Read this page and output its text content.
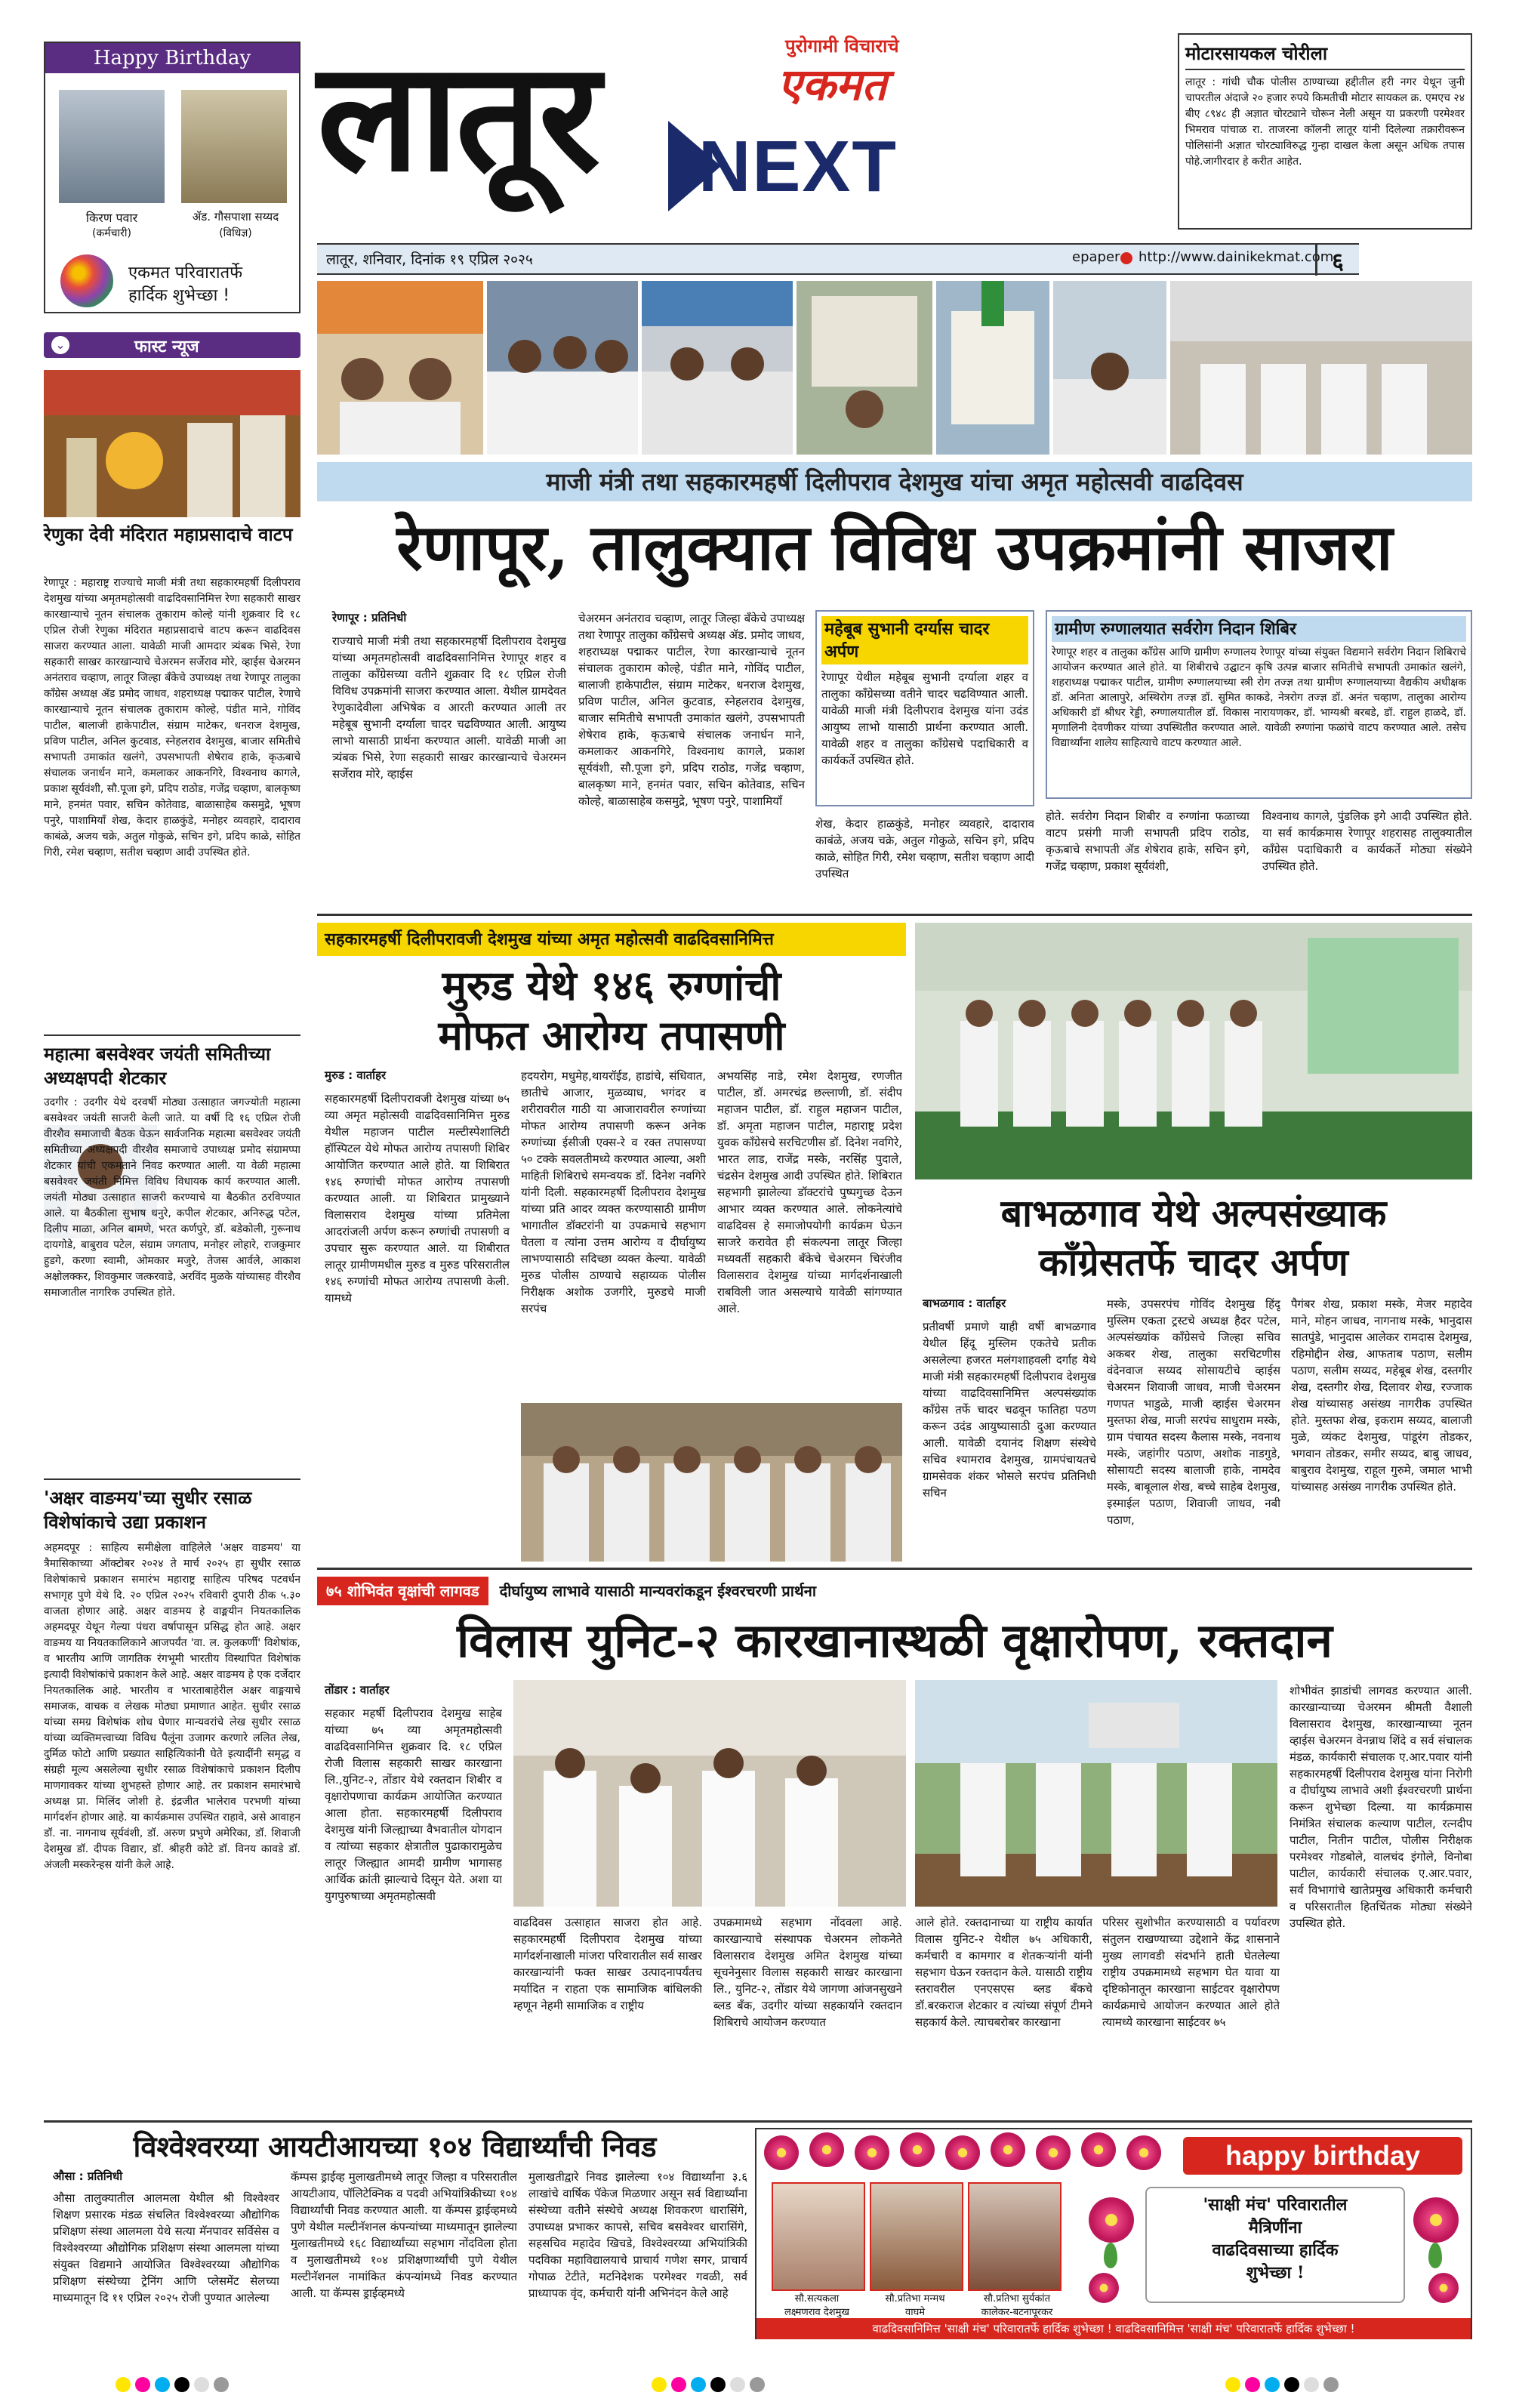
लातूर	पुरोगामी विचाराचे
एकमत
NEXT
लातूर, शनिवार, दिनांक १९ एप्रिल २०२५	epaper http://www.dainikekmat.com
६
Happy Birthday
किरण पवार
(कर्मचारी)
ॲड. गौसपाशा सय्यद
(विधिज्ञ)
एकमत परिवारातर्फे
हार्दिक शुभेच्छा !
⌄	फास्ट न्यूज
रेणुका देवी मंदिरात महाप्रसादाचे वाटप
रेणापूर : महाराष्ट्र राज्याचे माजी मंत्री तथा सहकारमहर्षी दिलीपराव देशमुख यांच्या अमृतमहोत्सवी वाढदिवसानिमित्त रेणा सहकारी साखर कारखान्याचे नूतन संचालक तुकाराम कोल्हे यांनी शुक्रवार दि १८ एप्रिल रोजी रेणुका मंदिरात महाप्रसादाचे वाटप करून वाढदिवस साजरा करण्यात आला. यावेळी माजी आमदार त्र्यंबक भिसे, रेणा सहकारी साखर कारखान्याचे चेअरमन सर्जेराव मोरे, व्हाईस चेअरमन अनंतराव चव्हाण, लातूर जिल्हा बँकेचे उपाध्यक्ष तथा रेणापूर तालुका काँग्रेस अध्यक्ष ॲड प्रमोद जाधव, शहराध्यक्ष पद्माकर पाटील, रेणाचे कारखान्याचे नूतन संचालक तुकाराम कोल्हे, पंडीत माने, गोविंद पाटील, बालाजी हाकेपाटील, संग्राम माटेकर, धनराज देशमुख, प्रविण पाटील, अनिल कुटवाड, स्नेहलराव देशमुख, बाजार समितीचे सभापती उमाकांत खलंगे, उपसभापती शेषेराव हाके, कृऊबाचे संचालक जनार्धन माने, कमलाकर आकनगिरे, विश्वनाथ कागले, प्रकाश सूर्यवंशी, सौ.पूजा इगे, प्रदिप राठोड, गजेंद्र चव्हाण, बालकृष्ण माने, हनमंत पवार, सचिन कोतेवाड, बाळासाहेब कसमुद्रे, भूषण पनुरे, पाशामियाँ शेख, केदार हाळकुंडे, मनोहर व्यवहारे, दादाराव काबंळे, अजय चक्रे, अतुल गोकुळे, सचिन इगे, प्रदिप काळे, सोहित गिरी, रमेश चव्हाण, सतीश चव्हाण आदी उपस्थित होते.
महात्मा बसवेश्वर जयंती समितीच्या अध्यक्षपदी शेटकार
उदगीर : उदगीर येथे दरवर्षी मोठ्या उत्साहात जगज्योती महात्मा बसवेश्वर जयंती साजरी केली जाते. या वर्षी दि १६ एप्रिल रोजी वीरशैव समाजाची बैठक घेऊन सार्वजनिक महात्मा बसवेश्वर जयंती समितीच्या अध्यक्षपदी वीरशैव समाजाचे उपाध्यक्ष प्रमोद संग्रामप्पा शेटकार यांची एकमताने निवड करण्यात आली. या वेळी महात्मा बसवेश्वर जयंती निमित्त विविध विधायक कार्य करण्यात आली. जयंती मोठ्या उत्साहात साजरी करण्याचे या बैठकीत ठरविण्यात आले. या बैठकीला सुभाष धनुरे, कपील शेटकार, अनिरुद्ध पटेल, दिलीप माळा, अनिल बामणे, भरत कर्णपुरे, डॉ. बडेकोली, गुरूनाथ दायगोडे, बाबुराव पटेल, संग्राम जगताप, मनोहर लोहारे, राजकुमार हुडगे, करणा स्वामी, ओमकार मजुरे, तेजस आर्वले, आकाश अक्षोलक्कर, शिवकुमार जत्करवाडे, अरविंद मुळके यांच्यासह वीरशैव समाजातील नागरिक उपस्थित होते.
'अक्षर वाङमय'च्या सुधीर रसाळ विशेषांकाचे उद्या प्रकाशन
अहमदपूर : साहित्य समीक्षेला वाहिलेले 'अक्षर वाङमय' या त्रैमासिकाच्या ऑक्टोबर २०२४ ते मार्च २०२५ हा सुधीर रसाळ विशेषांकाचे प्रकाशन समारंभ महाराष्ट्र साहित्य परिषद पटवर्धन सभागृह पुणे येथे दि. २० एप्रिल २०२५ रविवारी दुपारी ठीक ५.३० वाजता होणार आहे. अक्षर वाङमय हे वाङ्मयीन नियतकालिक अहमदपूर येथून गेल्या पंधरा वर्षापासून प्रसिद्ध होत आहे. अक्षर वाङमय या नियतकालिकाने आजपर्यंत 'वा. ल. कुलकर्णी' विशेषांक, व भारतीय आणि जागतिक रंगभूमी भारतीय विस्थापित विशेषांक इत्यादी विशेषांकांचे प्रकाशन केले आहे. अक्षर वाङमय हे एक दर्जेदार नियतकालिक आहे. भारतीय व भारताबाहेरील अक्षर वाङ्मयाचे समाजक, वाचक व लेखक मोठ्या प्रमाणात आहेत. सुधीर रसाळ यांच्या समग्र विशेषांक शोध घेणार मान्यवरांचे लेख सुधीर रसाळ यांच्या व्यक्तिमत्त्वाच्या विविध पैलूंना उजागर करणारे ललित लेख, दुर्मिळ फोटो आणि प्रख्यात साहित्यिकांनी घेते इत्यादींनी समृद्ध व संग्रही मूल्य असलेल्या सुधीर रसाळ विशेषांकाचे प्रकाशन दिलीप माणगावकर यांच्या शुभहस्ते होणार आहे. तर प्रकाशन समारंभाचे अध्यक्ष प्रा. मिलिंद जोशी हे. इंद्रजीत भालेराव परभणी यांच्या मार्गदर्शन होणार आहे. या कार्यक्रमास उपस्थित राहावे, असे आवाहन डॉ. ना. नागनाथ सूर्यवंशी, डॉ. अरुण प्रभुणे अमेरिका, डॉ. शिवाजी देशमुख डॉ. दीपक विद्यार, डॉ. श्रीहरी कोटे डॉ. विनय कावडे डॉ. अंजली मस्करेन्हस यांनी केले आहे.
मोटारसायकल चोरीला
लातूर : गांधी चौक पोलीस ठाण्याच्या हद्दीतील हरी नगर येथून जुनी चापरतील अंदाजे २० हजार रुपये किमतीची मोटार सायकल क्र. एमएच २४ बीए ८९४८ ही अज्ञात चोरट्याने चोरून नेली असून या प्रकरणी परमेश्वर भिमराव पांचाळ रा. ताजरना कॉलनी लातूर यांनी दिलेल्या तक्रारीवरून पोलिसांनी अज्ञात चोरट्याविरुद्ध गुन्हा दाखल केला असून अधिक तपास पोहे.जागीरदार हे करीत आहेत.
माजी मंत्री तथा सहकारमहर्षी दिलीपराव देशमुख यांचा अमृत महोत्सवी वाढदिवस
रेणापूर, तालुक्यात विविध उपक्रमांनी साजरा
रेणापूर : प्रतिनिधी
राज्याचे माजी मंत्री तथा सहकारमहर्षी दिलीपराव देशमुख यांच्या अमृतमहोत्सवी वाढदिवसानिमित्त रेणापूर शहर व तालुका काँग्रेसच्या वतीने शुक्रवार दि १८ एप्रिल रोजी विविध उपक्रमांनी साजरा करण्यात आला. येथील ग्रामदेवत रेणुकादेवीला अभिषेक व आरती करण्यात आली तर महेबूब सुभानी दर्ग्याला चादर चढविण्यात आली. आयुष्य लाभो यासाठी प्रार्थना करण्यात आली. यावेळी माजी आ त्र्यंबक भिसे, रेणा सहकारी साखर कारखान्याचे चेअरमन सर्जेराव मोरे, व्हाईस
चेअरमन अनंतराव चव्हाण, लातूर जिल्हा बँकेचे उपाध्यक्ष तथा रेणापूर तालुका काँग्रेसचे अध्यक्ष ॲड. प्रमोद जाधव, शहराध्यक्ष पद्माकर पाटील, रेणा कारखान्याचे नूतन संचालक तुकाराम कोल्हे, पंडीत माने, गोविंद पाटील, बालाजी हाकेपाटील, संग्राम माटेकर, धनराज देशमुख, प्रविण पाटील, अनिल कुटवाड, स्नेहलराव देशमुख, बाजार समितीचे सभापती उमाकांत खलंगे, उपसभापती शेषेराव हाके, कृऊबाचे संचालक जनार्धन माने, कमलाकर आकनगिरे, विश्वनाथ कागले, प्रकाश सूर्यवंशी, सौ.पूजा इगे, प्रदिप राठोड, गजेंद्र चव्हाण, बालकृष्ण माने, हनमंत पवार, सचिन कोतेवाड, सचिन कोल्हे, बाळासाहेब कसमुद्रे, भूषण पनुरे, पाशामियाँ
महेबूब सुभानी दर्ग्यास चादर अर्पण
रेणापूर येथील महेबूब सुभानी दर्ग्याला शहर व तालुका काँग्रेसच्या वतीने चादर चढविण्यात आली. यावेळी माजी मंत्री दिलीपराव देशमुख यांना उदंड आयुष्य लाभो यासाठी प्रार्थना करण्यात आली. यावेळी शहर व तालुका काँग्रेसचे पदाधिकारी व कार्यकर्ते उपस्थित होते.
शेख, केदार हाळकुंडे, मनोहर व्यवहारे, दादाराव काबंळे, अजय चक्रे, अतुल गोकुळे, सचिन इगे, प्रदिप काळे, सोहित गिरी, रमेश चव्हाण, सतीश चव्हाण आदी उपस्थित
ग्रामीण रुग्णालयात सर्वरोग निदान शिबिर
रेणापूर शहर व तालुका काँग्रेस आणि ग्रामीण रुग्णालय रेणापूर यांच्या संयुक्त विद्यमाने सर्वरोग निदान शिबिराचे आयोजन करण्यात आले होते. या शिबीराचे उद्घाटन कृषि उत्पन्न बाजार समितीचे सभापती उमाकांत खलंगे, शहराध्यक्ष पद्माकर पाटील, ग्रामीण रुग्णालयाच्या स्त्री रोग तज्ज्ञ तथा ग्रामीण रुग्णालयाच्या वैद्यकीय अधीक्षक डॉ. अनिता आलापुरे, अस्थिरोग तज्ज्ञ डॉ. सुमित काकडे, नेत्ररोग तज्ज्ञ डॉ. अनंत चव्हाण, तालुका आरोग्य अधिकारी डॉ श्रीधर रेड्डी, रुग्णालयातील डॉ. विकास नारायणकर, डॉ. भाग्यश्री बरबडे, डॉ. राहुल हाळदे, डॉ. मृणालिनी देवणीकर यांच्या उपस्थितीत करण्यात आले. यावेळी रुग्णांना फळांचे वाटप करण्यात आले. तसेच विद्यार्थ्यांना शालेय साहित्याचे वाटप करण्यात आले.
होते. सर्वरोग निदान शिबीर व रुग्णांना फळाच्या वाटप प्रसंगी माजी सभापती प्रदिप राठोड, कृऊबाचे सभापती ॲड शेषेराव हाके, सचिन इगे, गजेंद्र चव्हाण, प्रकाश सूर्यवंशी,
विश्वनाथ कागले, पुंडलिक इगे आदी उपस्थित होते. या सर्व कार्यक्रमास रेणापूर शहरासह तालुक्यातील काँग्रेस पदाधिकारी व कार्यकर्ते मोठ्या संख्येने उपस्थित होते.
सहकारमहर्षी दिलीपरावजी देशमुख यांच्या अमृत महोत्सवी वाढदिवसानिमित्त
मुरुड येथे १४६ रुग्णांची
मोफत आरोग्य तपासणी
मुरुड : वार्ताहर
सहकारमहर्षी दिलीपरावजी देशमुख यांच्या ७५ व्या अमृत महोत्सवी वाढदिवसानिमित्त मुरुड येथील महाजन पाटील मल्टीस्पेशालिटी हॉस्पिटल येथे मोफत आरोग्य तपासणी शिबिर आयोजित करण्यात आले होते. या शिबिरात १४६ रुग्णांची मोफत आरोग्य तपासणी करण्यात आली. या शिबिरात प्रामुख्याने विलासराव देशमुख यांच्या प्रतिमेला आदरांजली अर्पण करून रुग्णांची तपासणी व उपचार सुरू करण्यात आले. या शिबीरात लातूर ग्रामीणमधील मुरुड व मुरुड परिसरातील १४६ रुग्णांची मोफत आरोग्य तपासणी केली. यामध्ये
हदयरोग, मधुमेह,थायरॉईड, हाडांचे, संधिवात, छातीचे आजार, मुळव्याध, भगंदर व शरीरावरील गाठी या आजारावरील रुग्णांच्या मोफत आरोग्य तपासणी करून अनेक रुग्णांच्या ईसीजी एक्स-रे व रक्त तपासण्या ५० टक्के सवलतीमध्ये करण्यात आल्या, अशी माहिती शिबिराचे समन्वयक डॉ. दिनेश नवगिरे यांनी दिली. सहकारमहर्षी दिलीपराव देशमुख यांच्या प्रति आदर व्यक्त करण्यासाठी ग्रामीण भागातील डॉक्टरांनी या उपक्रमाचे सहभाग घेतला व त्यांना उत्तम आरोग्य व दीर्घायुष्य लाभण्यासाठी सदिच्छा व्यक्त केल्या. यावेळी मुरुड पोलीस ठाण्याचे सहाय्यक पोलीस निरीक्षक अशोक उजगीरे, मुरुडचे माजी सरपंच
अभयसिंह नाडे, रमेश देशमुख, रणजीत पाटील, डॉ. अमरचंद्र छल्लाणी, डॉ. संदीप महाजन पाटील, डॉ. राहुल महाजन पाटील, डॉ. अमृता महाजन पाटील, महाराष्ट्र प्रदेश युवक काँग्रेसचे सरचिटणीस डॉ. दिनेश नवगिरे, भारत लाड, राजेंद्र मस्के, नरसिंह पुदाले, चंद्रसेन देशमुख आदी उपस्थित होते. शिबिरात सहभागी झालेल्या डॉक्टरांचे पुष्पगुच्छ देऊन आभार व्यक्त करण्यात आले. लोकनेत्यांचे वाढदिवस हे समाजोपयोगी कार्यक्रम घेऊन साजरे करावेत ही संकल्पना लातूर जिल्हा मध्यवर्ती सहकारी बँकेचे चेअरमन चिरंजीव विलासराव देशमुख यांच्या मार्गदर्शनाखाली राबविली जात असल्याचे यावेळी सांगण्यात आले.
बाभळगाव येथे अल्पसंख्याक
काँग्रेसतर्फे चादर अर्पण
बाभळगाव : वार्ताहर
प्रतीवर्षी प्रमाणे याही वर्षी बाभळगाव येथील हिंदू मुस्लिम एकतेचे प्रतीक असलेल्या हजरत मलंगशाहवली दर्गाह येथे माजी मंत्री सहकारमहर्षी दिलीपराव देशमुख यांच्या वाढदिवसानिमित्त अल्पसंख्यांक काँग्रेस तर्फे चादर चढवून फातिहा पठण करून उदंड आयुष्यासाठी दुआ करण्यात आली. यावेळी दयानंद शिक्षण संस्थेचे सचिव श्यामराव देशमुख, ग्रामपंचायतचे ग्रामसेवक शंकर भोसले सरपंच प्रतिनिधी सचिन
मस्के, उपसरपंच गोविंद देशमुख हिंदू मुस्लिम एकता ट्रस्टचे अध्यक्ष हैदर पटेल, अल्पसंख्यांक काँग्रेसचे जिल्हा सचिव अकबर शेख, तालुका सरचिटणीस वंदेनवाज सय्यद सोसायटीचे व्हाईस चेअरमन शिवाजी जाधव, माजी चेअरमन गणपत भाडुळे, माजी व्हाईस चेअरमन मुस्तफा शेख, माजी सरपंच साधुराम मस्के, ग्राम पंचायत सदस्य कैलास मस्के, नवनाथ मस्के, जहांगीर पठाण, अशोक नाडगुडे, सोसायटी सदस्य बालाजी हाके, नामदेव मस्के, बाबूलाल शेख, बच्चे साहेब देशमुख, इस्माईल पठाण, शिवाजी जाधव, नबी पठाण,
पैगंबर शेख, प्रकाश मस्के, मेजर महादेव माने, मोहन जाधव, नागनाथ मस्के, भानुदास सातपुंडे, भानुदास आलेकर रामदास देशमुख, रहिमोद्दीन शेख, आफताब पठाण, सलीम पठाण, सलीम सय्यद, महेबूब शेख, दस्तगीर शेख, दस्तगीर शेख, दिलावर शेख, रज्जाक शेख यांच्यासह असंख्य नागरीक उपस्थित होते. मुस्तफा शेख, इकराम सय्यद, बालाजी मुळे, व्यंकट देशमुख, पांडूरंग तोडकर, भगवान तोडकर, समीर सय्यद, बाबु जाधव, बाबुराव देशमुख, राहूल गुरुमे, जमाल भाभी यांच्यासह असंख्य नागरीक उपस्थित होते.
७५ शोभिवंत वृक्षांची लागवड दीर्घायुष्य लाभावे यासाठी मान्यवरांकडून ईश्वरचरणी प्रार्थना
विलास युनिट-२ कारखानास्थळी वृक्षारोपण, रक्तदान
तोंडार : वार्ताहर
सहकार महर्षी दिलीपराव देशमुख साहेब यांच्या ७५ व्या अमृतमहोत्सवी वाढदिवसानिमित्त शुक्रवार दि. १८ एप्रिल रोजी विलास सहकारी साखर कारखाना लि.,युनिट-२, तोंडार येथे रक्तदान शिबीर व वृक्षारोपणाचा कार्यक्रम आयोजित करण्यात आला होता. सहकारमहर्षी दिलीपराव देशमुख यांनी जिल्ह्याच्या वैभवातील योगदान व त्यांच्या सहकार क्षेत्रातील पुढाकारामुळेच लातूर जिल्ह्यात आमदी ग्रामीण भागासह आर्थिक क्रांती झाल्याचे दिसून येते. अशा या युगपुरुषाच्या अमृतमहोत्सवी
वाढदिवस उत्साहात साजरा होत आहे. सहकारमहर्षी दिलीपराव देशमुख यांच्या मार्गदर्शनाखाली मांजरा परिवारातील सर्व साखर कारखान्यांनी फक्त साखर उत्पादनापर्यंतच मर्यादित न राहता एक सामाजिक बांधिलकी म्हणून नेहमी सामाजिक व राष्ट्रीय
उपक्रमामध्ये सहभाग नोंदवला आहे. कारखान्याचे संस्थापक चेअरमन लोकनेते विलासराव देशमुख अमित देशमुख यांच्या सूचनेनुसार विलास सहकारी साखर कारखाना लि., युनिट-२, तोंडार येथे जागणा आंजनसुखने ब्लड बँक, उदगीर यांच्या सहकार्याने रक्तदान शिबिराचे आयोजन करण्यात
आले होते. रक्तदानाच्या या राष्ट्रीय कार्यात विलास युनिट-२ येथील ७५ अधिकारी, कर्मचारी व कामगार व शेतकऱ्यांनी यांनी सहभाग घेऊन रक्तदान केले. यासाठी राष्ट्रीय स्तरावरील एनएसएस ब्लड बँकचे डॉ.बरकराज शेटकार व त्यांच्या संपूर्ण टीमने सहकार्य केले. त्याचबरोबर कारखाना
परिसर सुशोभीत करण्यासाठी व पर्यावरण संतुलन राखण्याच्या उद्देशाने केंद्र शासनाने मुख्य लागवडी संदर्भाने हाती घेतलेल्या राष्ट्रीय उपक्रमामध्ये सहभाग घेत यावा या दृष्टिकोनातून कारखाना साईटवर वृक्षारोपण कार्यक्रमाचे आयोजन करण्यात आले होते त्यामध्ये कारखाना साईटवर ७५
शोभीवंत झाडांची लागवड करण्यात आली. कारखान्याच्या चेअरमन श्रीमती वैशाली विलासराव देशमुख, कारखान्याच्या नूतन व्हाईस चेअरमन वेनन्नाथ शिंदे व सर्व संचालक मंडळ, कार्यकारी संचालक ए.आर.पवार यांनी सहकारमहर्षी दिलीपराव देशमुख यांना निरोगी व दीर्घायुष्य लाभावे अशी ईश्वरचरणी प्रार्थना करून शुभेच्छा दिल्या. या कार्यक्रमास निमंत्रित संचालक कल्याण पाटील, रत्नदीप पाटील, नितीन पाटील, पोलीस निरीक्षक परमेश्वर गोडबोले, वालचंद इंगोले, विनोबा पाटील, कार्यकारी संचालक ए.आर.पवार, सर्व विभागांचे खातेप्रमुख अधिकारी कर्मचारी व परिसरातील हितचिंतक मोठ्या संख्येने उपस्थित होते.
विश्वेश्वरय्या आयटीआयच्या १०४ विद्यार्थ्यांची निवड
औसा : प्रतिनिधी
औसा तालुक्यातील आलमला येथील श्री विश्वेश्वर शिक्षण प्रसारक मंडळ संचलित विश्वेश्वरय्या औद्योगिक प्रशिक्षण संस्था आलमला येथे सत्या मॅनपावर सर्विसेस व विश्वेश्वरय्या औद्योगिक प्रशिक्षण संस्था आलमला यांच्या संयुक्त विद्यमाने आयोजित विश्वेश्वरय्या औद्योगिक प्रशिक्षण संस्थेच्या ट्रेनिंग आणि प्लेसमेंट सेलच्या माध्यमातून दि ११ एप्रिल २०२५ रोजी पुण्यात आलेल्या
कॅम्पस ड्राईव्ह मुलाखतीमध्ये लातूर जिल्हा व परिसरातील आयटीआय, पॉलिटेक्निक व पदवी अभियांत्रिकीच्या १०४ विद्यार्थ्यांची निवड करण्यात आली. या कॅम्पस ड्राईव्हमध्ये पुणे येथील मल्टीनॅशनल कंपन्यांच्या माध्यमातून झालेल्या मुलाखतीमध्ये १६८ विद्यार्थ्यांच्या सहभाग नोंदविला होता व मुलाखतीमध्ये १०४ प्रशिक्षणार्थ्यांची पुणे येथील मल्टीनॅशनल नामांकित कंपन्यांमध्ये निवड करण्यात आली. या कॅम्पस ड्राईव्हमध्ये
मुलाखतीद्वारे निवड झालेल्या १०४ विद्यार्थ्यांना ३.६ लाखांचे वार्षिक पॅकेज मिळणार असून सर्व विद्यार्थ्यांना संस्थेच्या वतीने संस्थेचे अध्यक्ष शिवकरण धारासिंगे, उपाध्यक्ष प्रभाकर कापसे, सचिव बसवेश्वर धारासिंगे, सहसचिव महादेव खिचडे, विश्वेश्वरय्या अभियांत्रिकी पदविका महाविद्यालयाचे प्राचार्य गणेश सगर, प्राचार्य गोपाळ टेटीते, मटनिदेशक परमेश्वर गवळी, सर्व प्राध्यापक वृंद, कर्मचारी यांनी अभिनंदन केले आहे
happy birthday
सौ.सत्यकला
लक्ष्मणराव देशमुख
सौ.प्रतिभा मन्मथ
वाघमे
सौ.प्रतिभा सुर्यकांत
कालेकर-बटनापूरकर
'साक्षी मंच' परिवारातील
मैत्रिणींना
वाढदिवसाच्या हार्दिक
शुभेच्छा !
वाढदिवसानिमित्त 'साक्षी मंच' परिवारातर्फे हार्दिक शुभेच्छा ! वाढदिवसानिमित्त 'साक्षी मंच' परिवारातर्फे हार्दिक शुभेच्छा !
